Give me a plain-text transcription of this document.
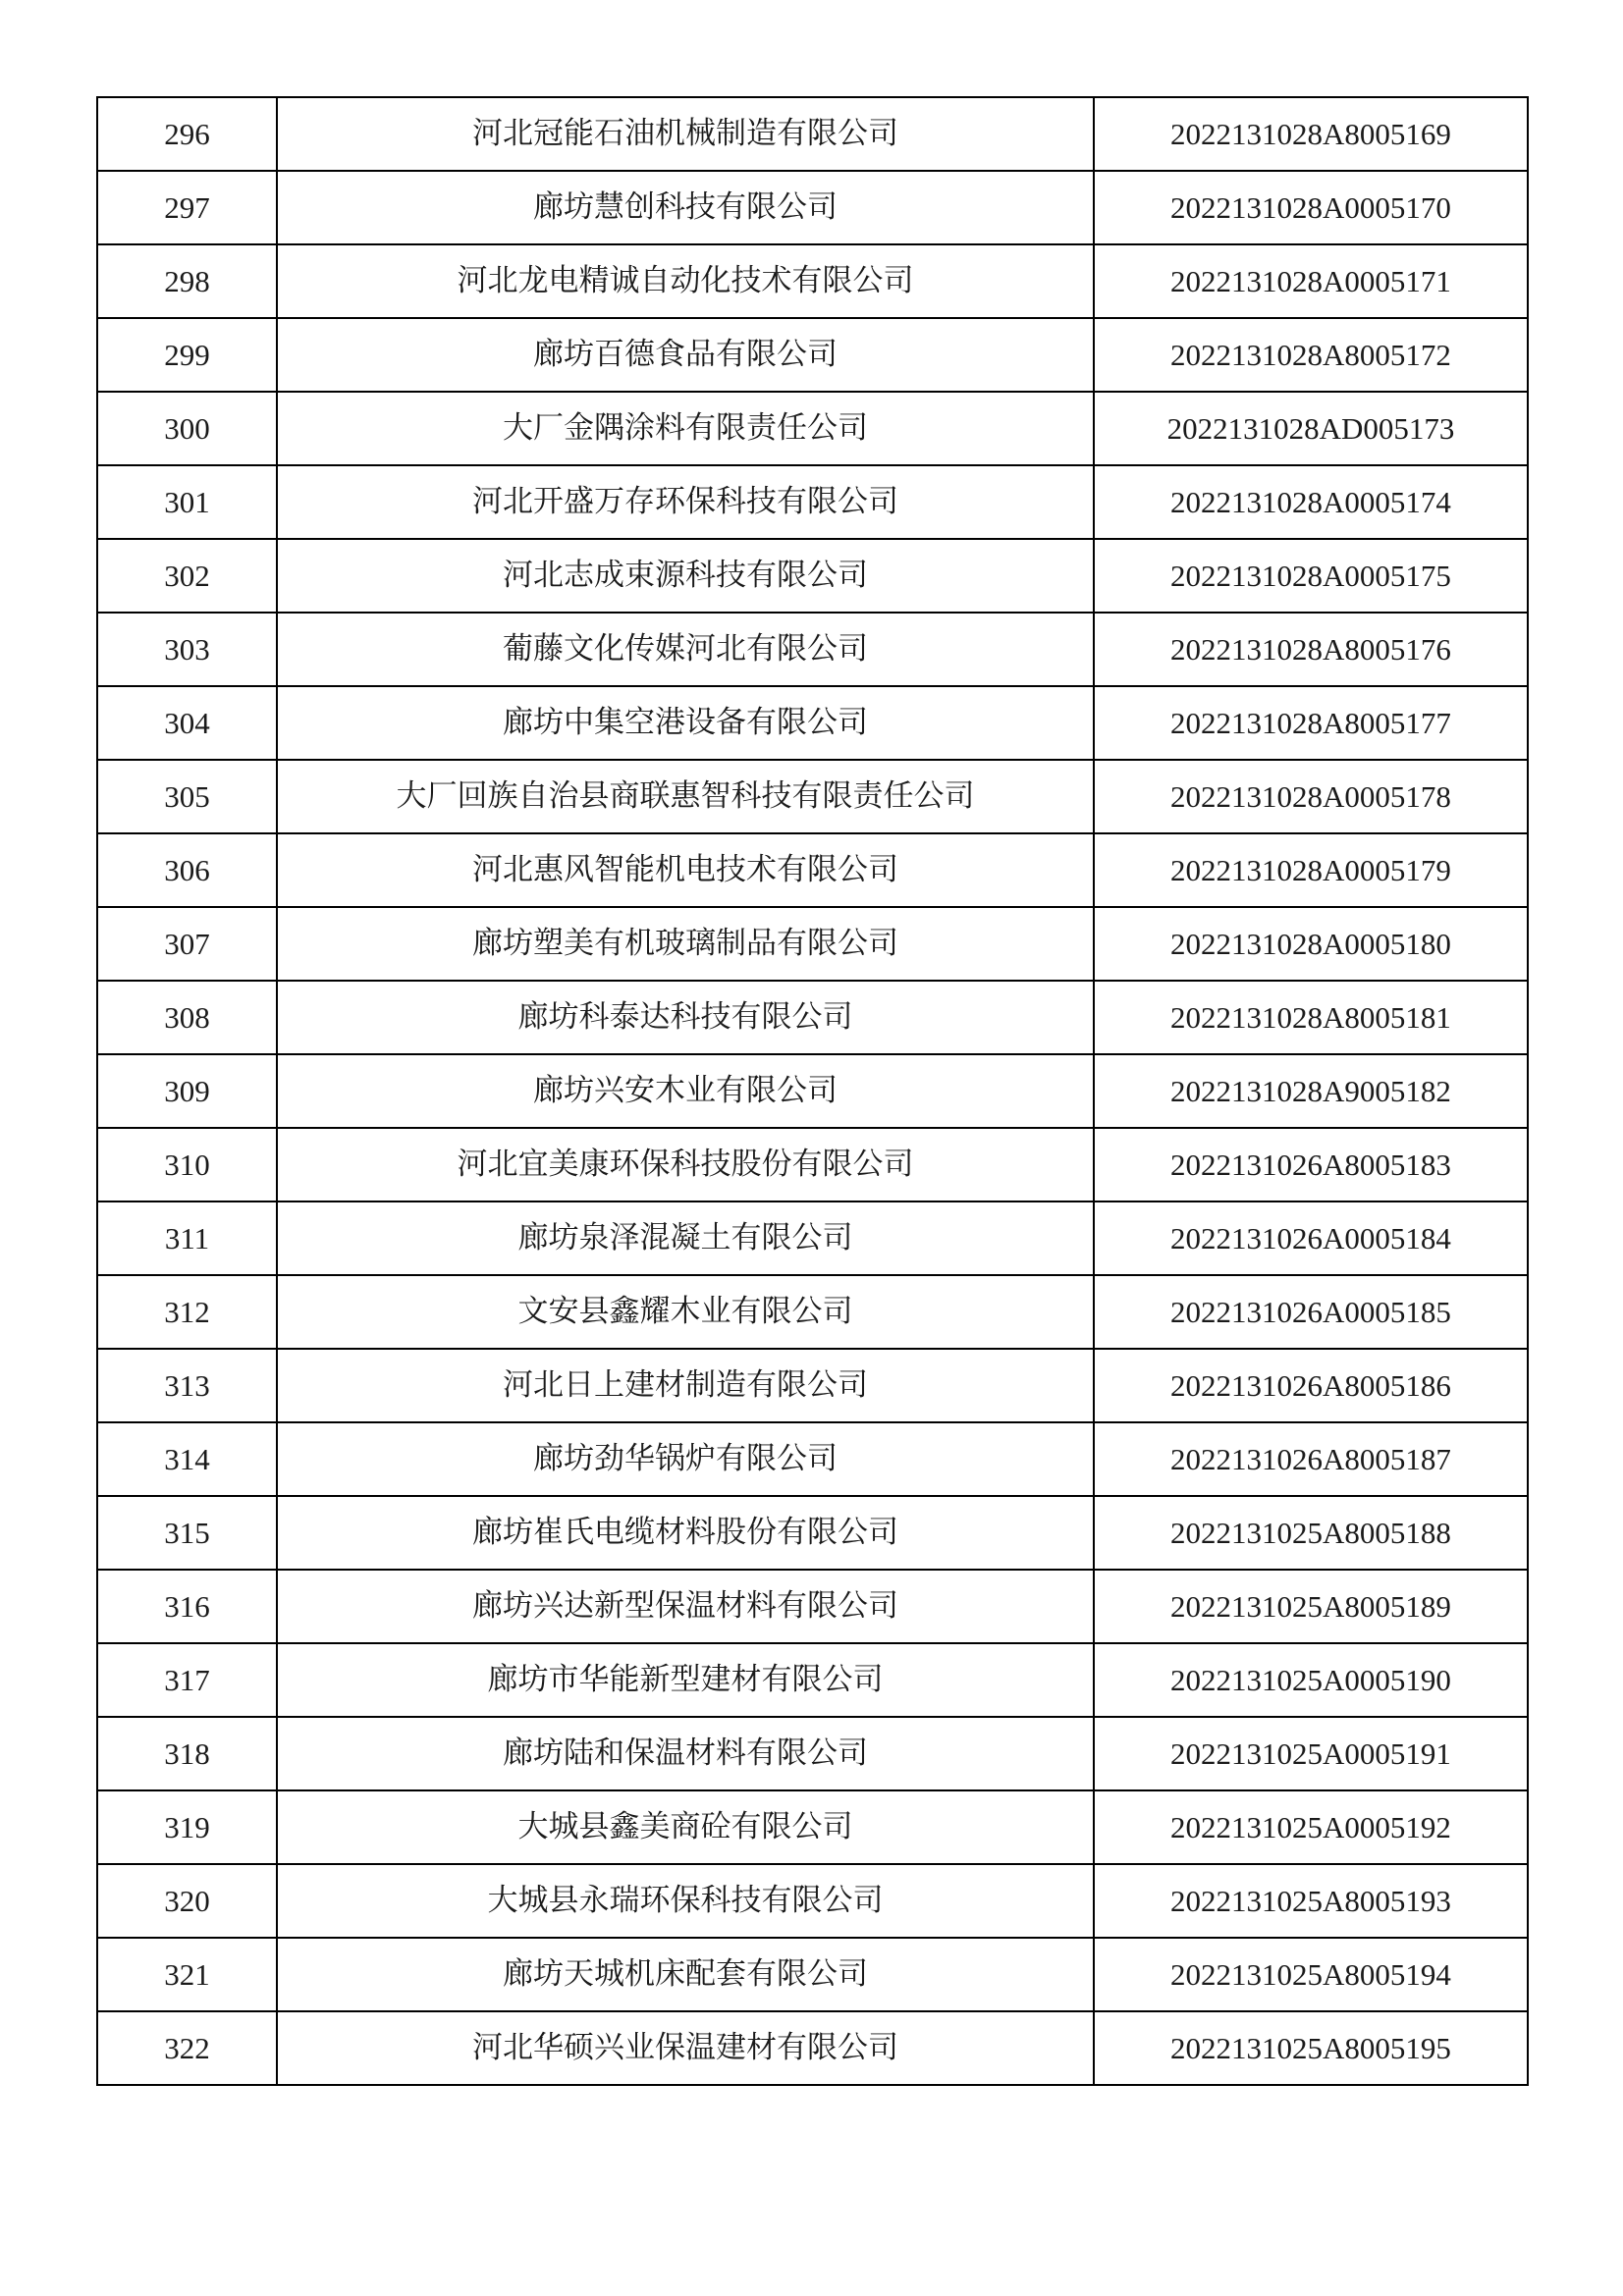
296	河北冠能石油机械制造有限公司	2022131028A8005169
297	廊坊慧创科技有限公司	2022131028A0005170
298	河北龙电精诚自动化技术有限公司	2022131028A0005171
299	廊坊百德食品有限公司	2022131028A8005172
300	大厂金隅涂料有限责任公司	2022131028AD005173
301	河北开盛万存环保科技有限公司	2022131028A0005174
302	河北志成束源科技有限公司	2022131028A0005175
303	葡藤文化传媒河北有限公司	2022131028A8005176
304	廊坊中集空港设备有限公司	2022131028A8005177
305	大厂回族自治县商联惠智科技有限责任公司	2022131028A0005178
306	河北惠风智能机电技术有限公司	2022131028A0005179
307	廊坊塑美有机玻璃制品有限公司	2022131028A0005180
308	廊坊科泰达科技有限公司	2022131028A8005181
309	廊坊兴安木业有限公司	2022131028A9005182
310	河北宜美康环保科技股份有限公司	2022131026A8005183
311	廊坊泉泽混凝土有限公司	2022131026A0005184
312	文安县鑫耀木业有限公司	2022131026A0005185
313	河北日上建材制造有限公司	2022131026A8005186
314	廊坊劲华锅炉有限公司	2022131026A8005187
315	廊坊崔氏电缆材料股份有限公司	2022131025A8005188
316	廊坊兴达新型保温材料有限公司	2022131025A8005189
317	廊坊市华能新型建材有限公司	2022131025A0005190
318	廊坊陆和保温材料有限公司	2022131025A0005191
319	大城县鑫美商砼有限公司	2022131025A0005192
320	大城县永瑞环保科技有限公司	2022131025A8005193
321	廊坊天城机床配套有限公司	2022131025A8005194
322	河北华硕兴业保温建材有限公司	2022131025A8005195
